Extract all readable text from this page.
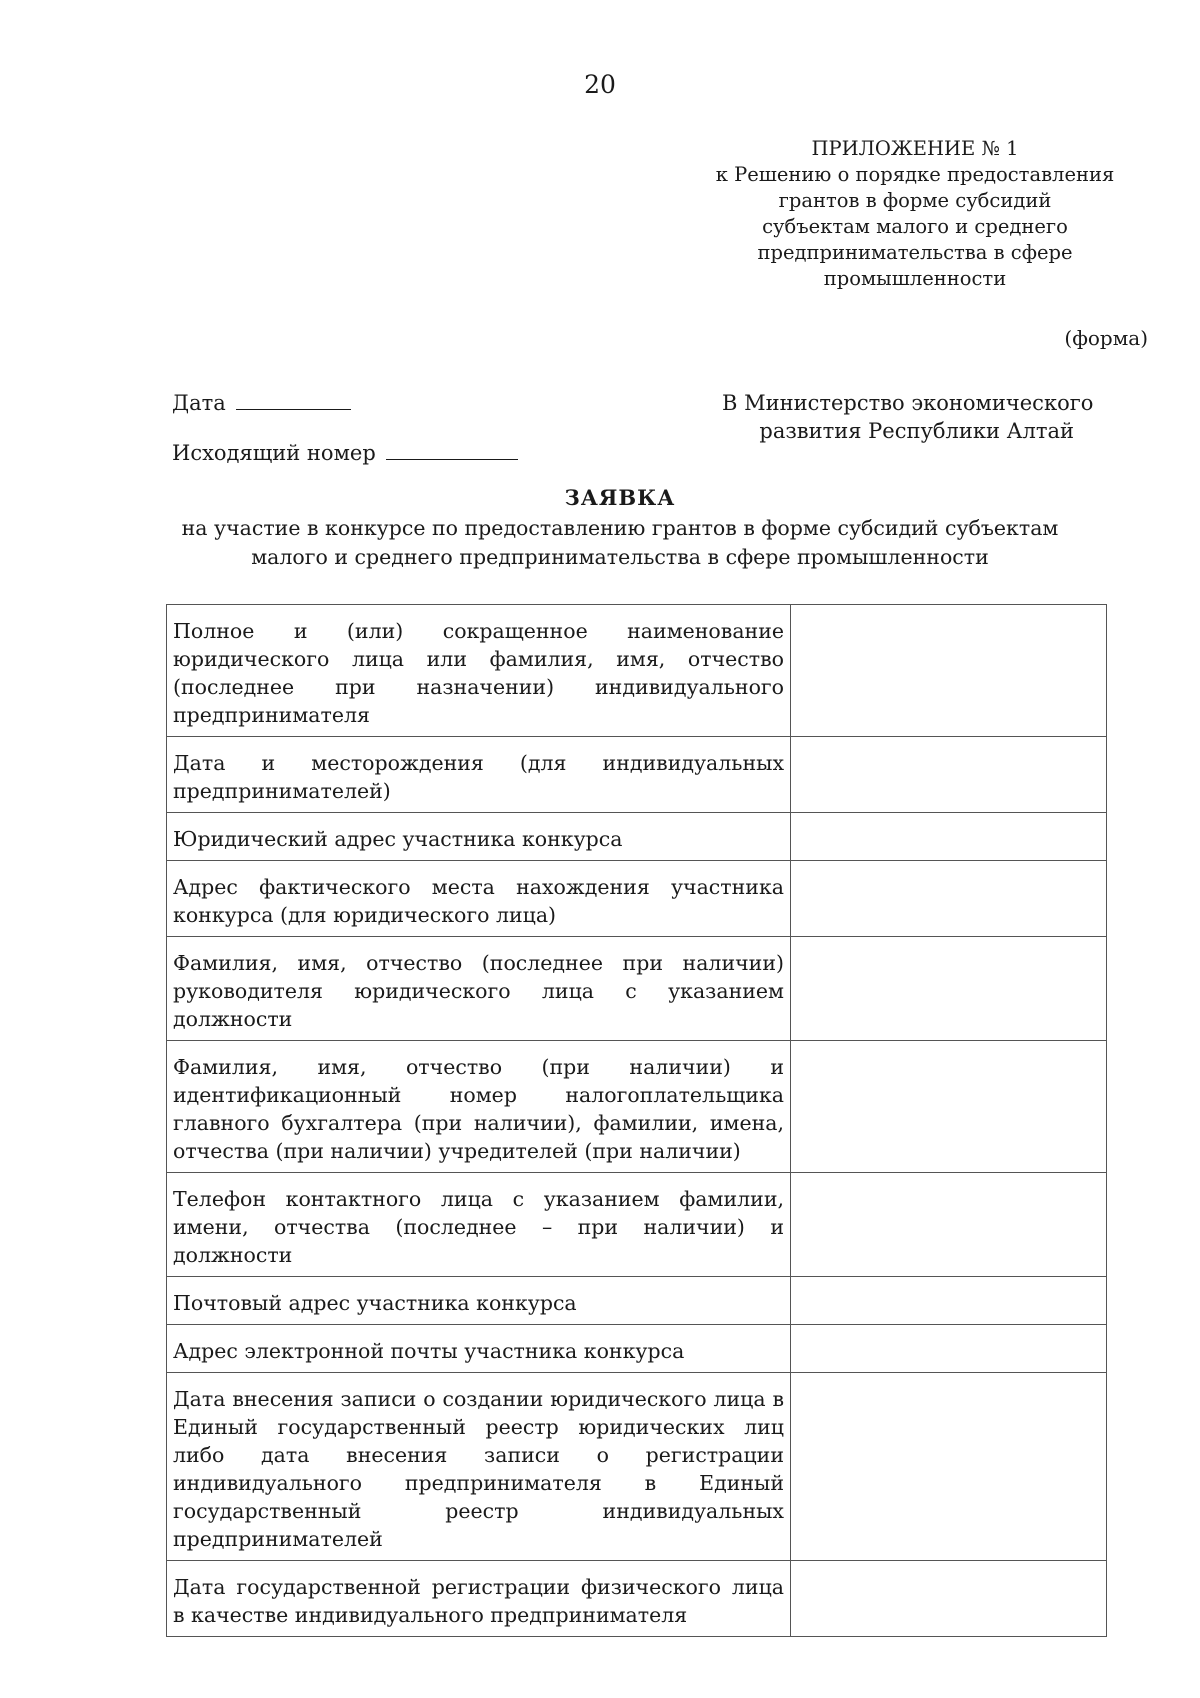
20
ПРИЛОЖЕНИЕ № 1
к Решению о порядке предоставления
грантов в форме субсидий
субъектам малого и среднего
предпринимательства в сфере
промышленности
(форма)
Дата
Исходящий номер
В Министерство экономического
развития Республики Алтай
ЗАЯВКА
на участие в конкурсе по предоставлению грантов в форме субсидий субъектам
малого и среднего предпринимательства в сфере промышленности
Полное и (или) сокращенное наименование юридического лица или фамилия, имя, отчество (последнее при назначении) индивидуального предпринимателя	
Дата и месторождения (для индивидуальных предпринимателей)	
Юридический адрес участника конкурса	
Адрес фактического места нахождения участника конкурса (для юридического лица)	
Фамилия, имя, отчество (последнее при наличии) руководителя юридического лица с указанием должности	
Фамилия, имя, отчество (при наличии) и идентификационный номер налогоплательщика главного бухгалтера (при наличии), фамилии, имена, отчества (при наличии) учредителей (при наличии)	
Телефон контактного лица с указанием фамилии, имени, отчества (последнее – при наличии) и должности	
Почтовый адрес участника конкурса	
Адрес электронной почты участника конкурса	
Дата внесения записи о создании юридического лица в Единый государственный реестр юридических лиц либо дата внесения записи о регистрации индивидуального предпринимателя в Единый государственный реестр индивидуальных предпринимателей	
Дата государственной регистрации физического лица в качестве индивидуального предпринимателя	
